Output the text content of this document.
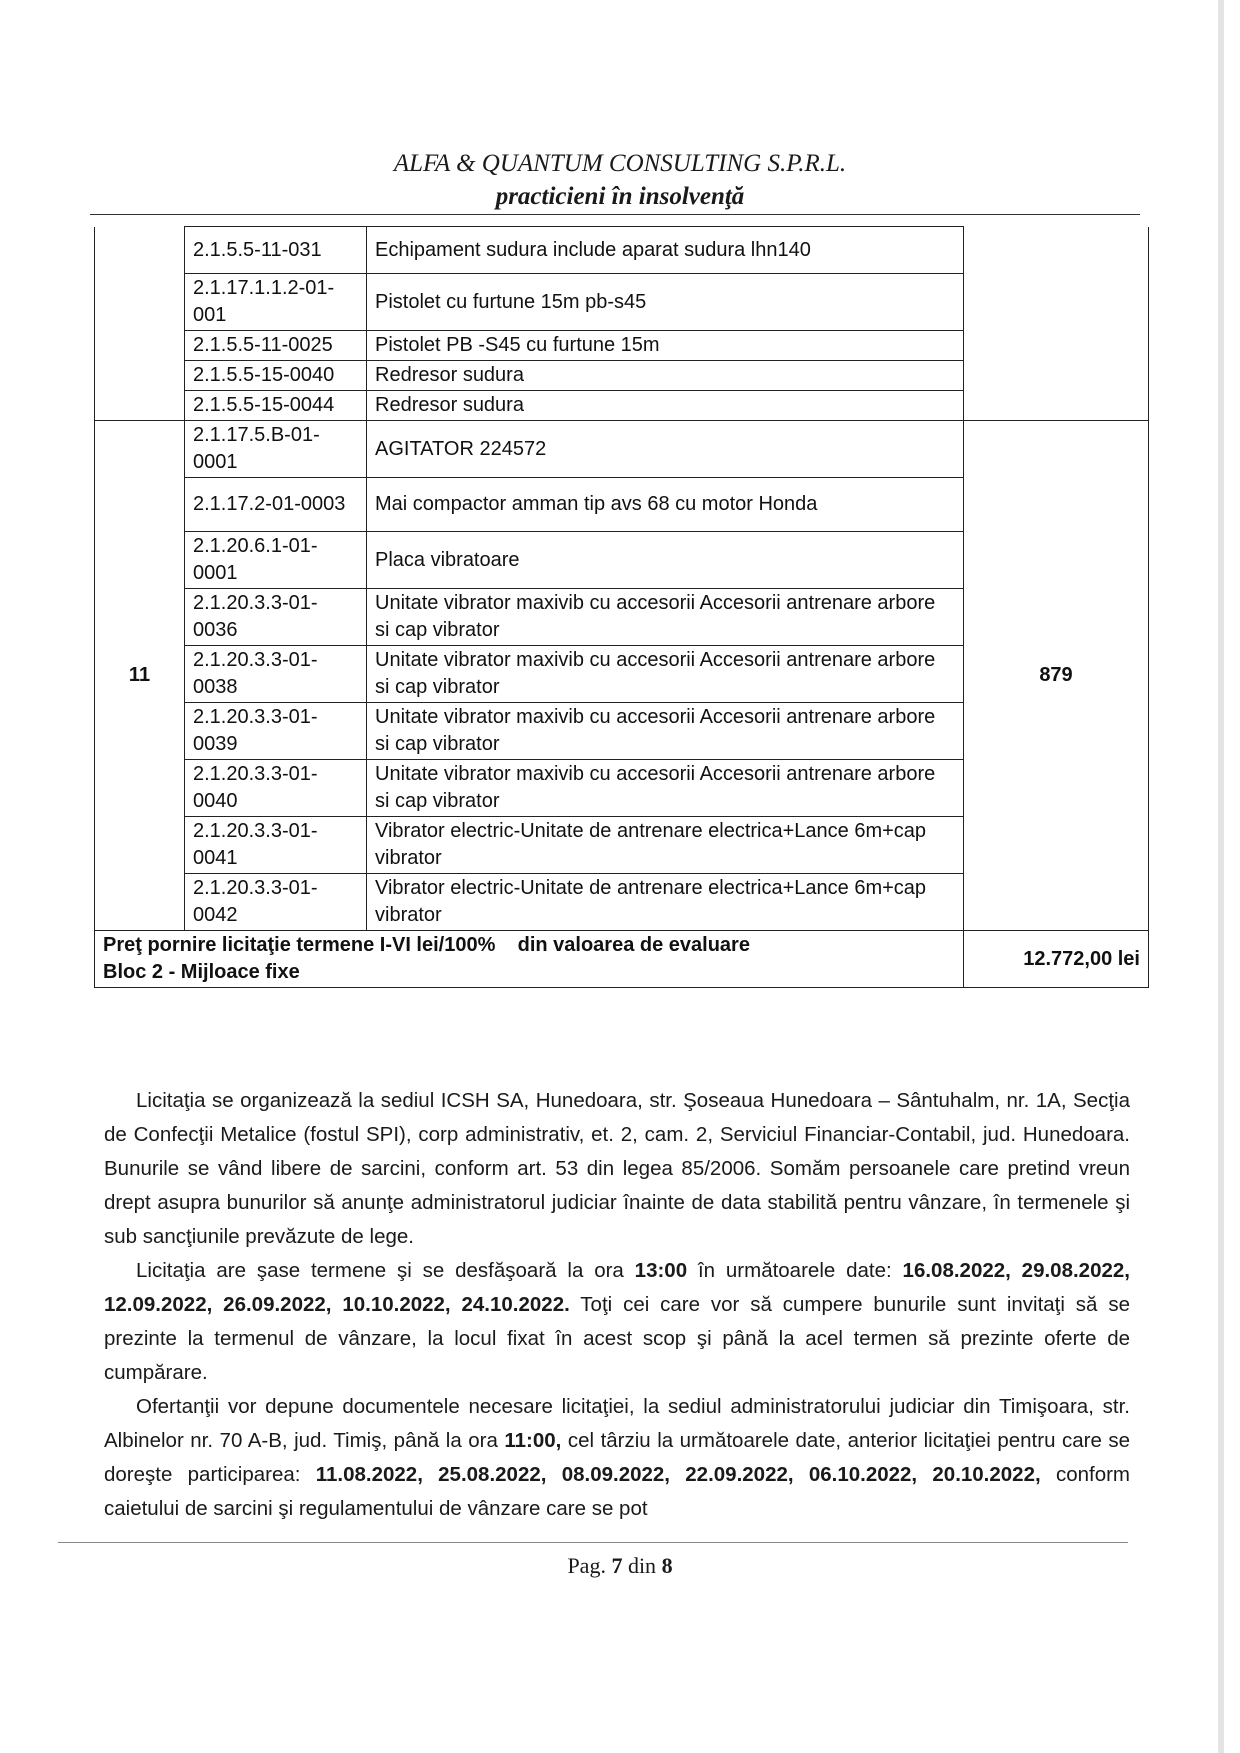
ALFA & QUANTUM CONSULTING S.P.R.L.
practicieni în insolvenţă
	2.1.5.5-11-031	Echipament sudura include aparat sudura lhn140	
	2.1.17.1.1.2-01-001	Pistolet cu furtune 15m pb-s45	
	2.1.5.5-11-0025	Pistolet PB -S45 cu furtune 15m	
	2.1.5.5-15-0040	Redresor sudura	
	2.1.5.5-15-0044	Redresor sudura	
11	2.1.17.5.B-01-0001	AGITATOR 224572	879
	2.1.17.2-01-0003	Mai compactor amman tip avs 68 cu motor Honda	
	2.1.20.6.1-01-0001	Placa vibratoare	
	2.1.20.3.3-01-0036	Unitate vibrator maxivib cu accesorii Accesorii antrenare arbore si cap vibrator	
	2.1.20.3.3-01-0038	Unitate vibrator maxivib cu accesorii Accesorii antrenare arbore si cap vibrator	
	2.1.20.3.3-01-0039	Unitate vibrator maxivib cu accesorii Accesorii antrenare arbore si cap vibrator	
	2.1.20.3.3-01-0040	Unitate vibrator maxivib cu accesorii Accesorii antrenare arbore si cap vibrator	
	2.1.20.3.3-01-0041	Vibrator electric-Unitate de antrenare electrica+Lance 6m+cap vibrator	
	2.1.20.3.3-01-0042	Vibrator electric-Unitate de antrenare electrica+Lance 6m+cap vibrator	

Preţ pornire licitaţie termene I-VI lei/100%    din valoarea de evaluare
Bloc 2 - Mijloace fixe			12.772,00 lei

Licitaţia se organizează la sediul ICSH SA, Hunedoara, str. Şoseaua Hunedoara – Sântuhalm, nr. 1A, Secţia de Confecţii Metalice (fostul SPI), corp administrativ, et. 2, cam. 2, Serviciul Financiar-Contabil, jud. Hunedoara. Bunurile se vând libere de sarcini, conform art. 53 din legea 85/2006. Somăm persoanele care pretind vreun drept asupra bunurilor să anunţe administratorul judiciar înainte de data stabilită pentru vânzare, în termenele şi sub sancţiunile prevăzute de lege.

Licitaţia are şase termene şi se desfăşoară la ora 13:00 în următoarele date: 16.08.2022, 29.08.2022, 12.09.2022, 26.09.2022, 10.10.2022, 24.10.2022. Toţi cei care vor să cumpere bunurile sunt invitaţi să se prezinte la termenul de vânzare, la locul fixat în acest scop şi până la acel termen să prezinte oferte de cumpărare.

Ofertanţii vor depune documentele necesare licitaţiei, la sediul administratorului judiciar din Timişoara, str. Albinelor nr. 70 A-B, jud. Timiş, până la ora 11:00, cel târziu la următoarele date, anterior licitaţiei pentru care se doreşte participarea: 11.08.2022, 25.08.2022, 08.09.2022, 22.09.2022, 06.10.2022, 20.10.2022, conform caietului de sarcini şi regulamentului de vânzare care se pot

Pag. 7 din 8
